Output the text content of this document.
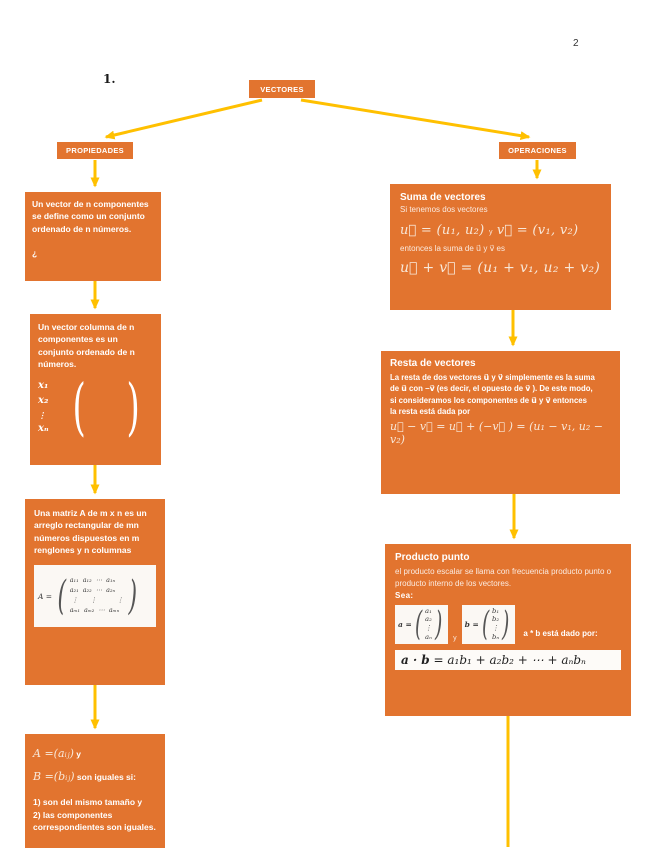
2
1.
VECTORES
PROPIEDADES	OPERACIONES
Un vector de n componentes se define como un conjunto ordenado de n números.
¿
Un vector columna de n componentes es un conjunto ordenado de n números.
x₁
x₂
⋮
xₙ ( )
Una matriz A de m x n es un arreglo rectangular de mn números dispuestos en m renglones y n columnas
A = ( a₁₁  a₁₂  ⋯  a₁ₙ
a₂₁  a₂₂  ⋯  a₂ₙ
⋮      ⋮          ⋮
aₘ₁  aₘ₂  ⋯  aₘₙ )
A =(aᵢⱼ) y
B =(bᵢⱼ) son iguales si:
1) son del mismo tamaño y
2) las componentes correspondientes son iguales.
Suma de vectores
Si tenemos dos vectores
u⃗ = (u₁, u₂) y v⃗ = (v₁, v₂)
entonces la suma de u⃗ y v⃗ es
u⃗ + v⃗ = (u₁ + v₁, u₂ + v₂)
Resta de vectores
La resta de dos vectores u⃗ y v⃗ simplemente es la suma de u⃗ con −v⃗ (es decir, el opuesto de v⃗ ). De este modo, si consideramos los componentes de u⃗ y v⃗ entonces la resta está dada por
u⃗ − v⃗ = u⃗ + (−v⃗ ) = (u₁ − v₁, u₂ − v₂)
Producto punto
el producto escalar se llama con frecuencia producto punto o producto interno de los vectores.
Sea:
a = ( a₁
a₂
⋮
aₙ ) y
b = ( b₁
b₂
⋮
bₙ ) a * b está dado por:
a · b = a₁b₁ + a₂b₂ + ⋯ + aₙbₙ
